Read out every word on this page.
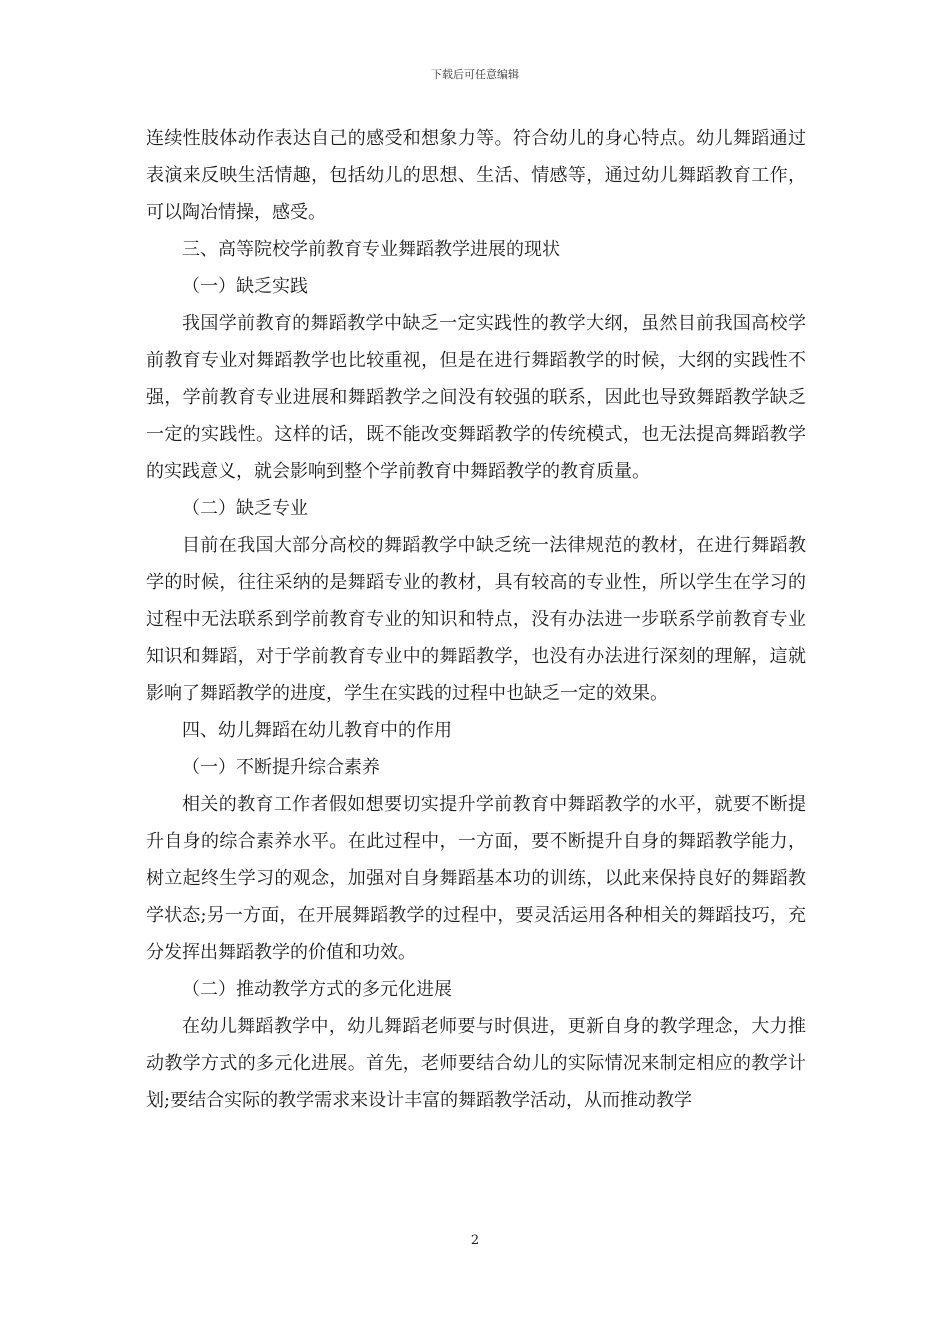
下载后可任意编辑

连续性肢体动作表达自己的感受和想象力等。符合幼儿的身心特点。幼儿舞蹈通过表演来反映生活情趣，包括幼儿的思想、生活、情感等，通过幼儿舞蹈教育工作，可以陶冶情操，感受。

三、高等院校学前教育专业舞蹈教学进展的现状

（一）缺乏实践

我国学前教育的舞蹈教学中缺乏一定实践性的教学大纲，虽然目前我国高校学前教育专业对舞蹈教学也比较重视，但是在进行舞蹈教学的时候，大纲的实践性不强，学前教育专业进展和舞蹈教学之间没有较强的联系，因此也导致舞蹈教学缺乏一定的实践性。这样的话，既不能改变舞蹈教学的传统模式，也无法提高舞蹈教学的实践意义，就会影响到整个学前教育中舞蹈教学的教育质量。

（二）缺乏专业

目前在我国大部分高校的舞蹈教学中缺乏统一法律规范的教材，在进行舞蹈教学的时候，往往采纳的是舞蹈专业的教材，具有较高的专业性，所以学生在学习的过程中无法联系到学前教育专业的知识和特点，没有办法进一步联系学前教育专业知识和舞蹈，对于学前教育专业中的舞蹈教学，也没有办法进行深刻的理解，這就影响了舞蹈教学的进度，学生在实践的过程中也缺乏一定的效果。

四、幼儿舞蹈在幼儿教育中的作用

（一）不断提升综合素养

相关的教育工作者假如想要切实提升学前教育中舞蹈教学的水平，就要不断提升自身的综合素养水平。在此过程中，一方面，要不断提升自身的舞蹈教学能力，树立起终生学习的观念，加强对自身舞蹈基本功的训练，以此来保持良好的舞蹈教学状态;另一方面，在开展舞蹈教学的过程中，要灵活运用各种相关的舞蹈技巧，充分发挥出舞蹈教学的价值和功效。

（二）推动教学方式的多元化进展

在幼儿舞蹈教学中，幼儿舞蹈老师要与时俱进，更新自身的教学理念，大力推动教学方式的多元化进展。首先，老师要结合幼儿的实际情况来制定相应的教学计划;要结合实际的教学需求来设计丰富的舞蹈教学活动，从而推动教学

2
